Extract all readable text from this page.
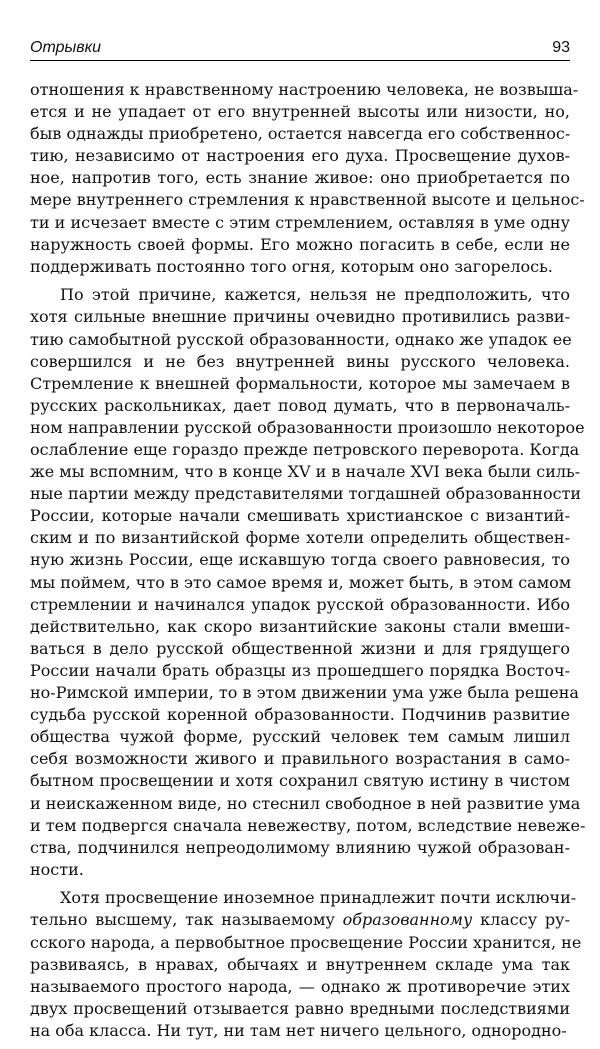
Отрывки	93
отношения к нравственному настроению человека, не возвыша-
ется и не упадает от его внутренней высоты или низости, но,
быв однажды приобретено, остается навсегда его собственнос-
тию, независимо от настроения его духа. Просвещение духов-
ное, напротив того, есть знание живое: оно приобретается по
мере внутреннего стремления к нравственной высоте и цельнос-
ти и исчезает вместе с этим стремлением, оставляя в уме одну
наружность своей формы. Его можно погасить в себе, если не
поддерживать постоянно того огня, которым оно загорелось.
По этой причине, кажется, нельзя не предположить, что
хотя сильные внешние причины очевидно противились разви-
тию самобытной русской образованности, однако же упадок ее
совершился и не без внутренней вины русского человека.
Стремление к внешней формальности, которое мы замечаем в
русских раскольниках, дает повод думать, что в первоначаль-
ном направлении русской образованности произошло некоторое
ослабление еще гораздо прежде петровского переворота. Когда
же мы вспомним, что в конце XV и в начале XVI века были силь-
ные партии между представителями тогдашней образованности
России, которые начали смешивать христианское с византий-
ским и по византийской форме хотели определить обществен-
ную жизнь России, еще искавшую тогда своего равновесия, то
мы поймем, что в это самое время и, может быть, в этом самом
стремлении и начинался упадок русской образованности. Ибо
действительно, как скоро византийские законы стали вмеши-
ваться в дело русской общественной жизни и для грядущего
России начали брать образцы из прошедшего порядка Восточ-
но-Римской империи, то в этом движении ума уже была решена
судьба русской коренной образованности. Подчинив развитие
общества чужой форме, русский человек тем самым лишил
себя возможности живого и правильного возрастания в само-
бытном просвещении и хотя сохранил святую истину в чистом
и неискаженном виде, но стеснил свободное в ней развитие ума
и тем подвергся сначала невежеству, потом, вследствие невеже-
ства, подчинился непреодолимому влиянию чужой образован-
ности.
Хотя просвещение иноземное принадлежит почти исключи-
тельно высшему, так называемому образованному классу ру-
сского народа, а первобытное просвещение России хранится, не
развиваясь, в нравах, обычаях и внутреннем складе ума так
называемого простого народа, — однако ж противоречие этих
двух просвещений отзывается равно вредными последствиями
на оба класса. Ни тут, ни там нет ничего цельного, однородно-
